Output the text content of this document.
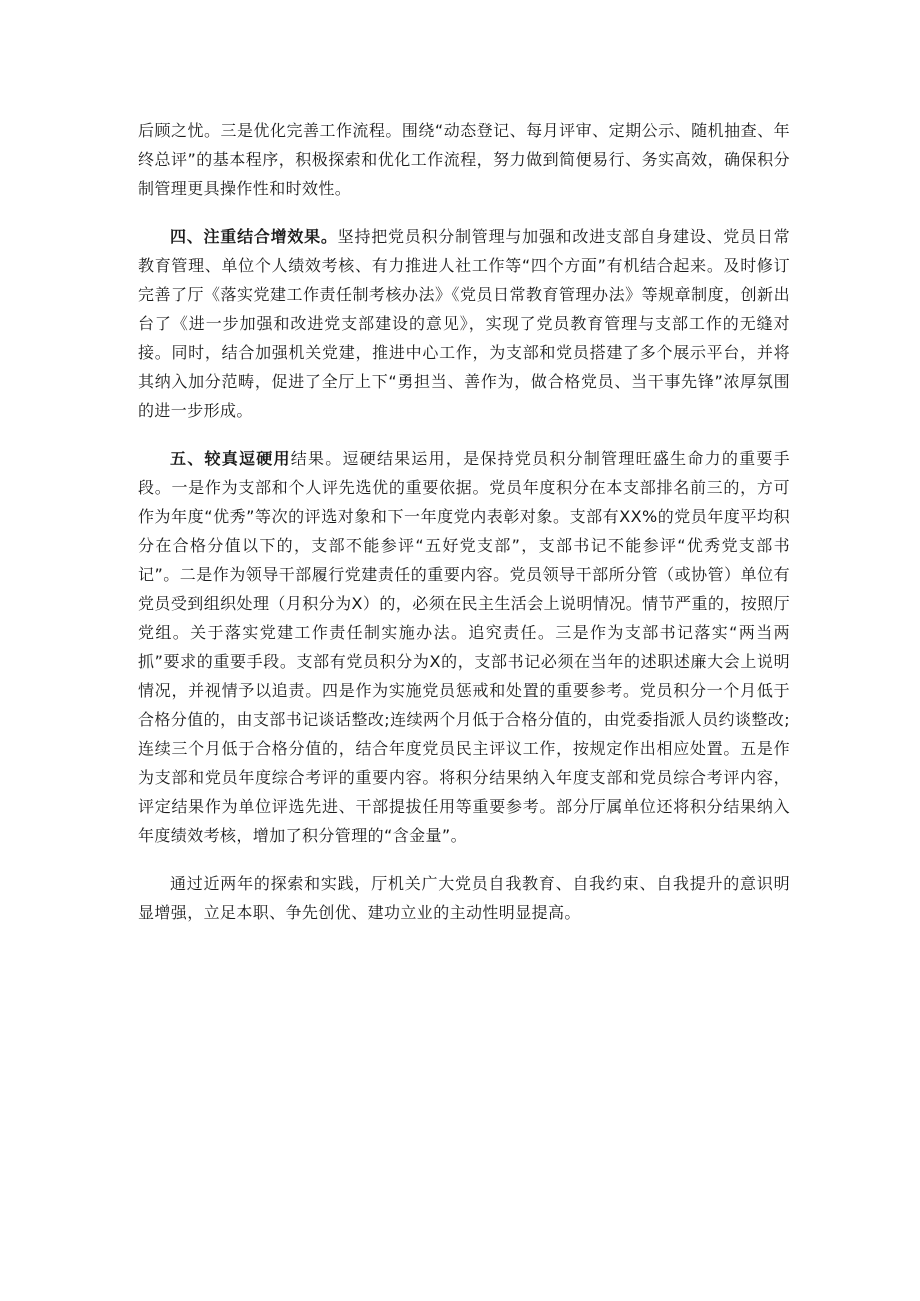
后顾之忧。三是优化完善工作流程。围绕“动态登记、每月评审、定期公示、随机抽查、年终总评”的基本程序，积极探索和优化工作流程，努力做到简便易行、务实高效，确保积分制管理更具操作性和时效性。

四、注重结合增效果。坚持把党员积分制管理与加强和改进支部自身建设、党员日常教育管理、单位个人绩效考核、有力推进人社工作等“四个方面”有机结合起来。及时修订完善了厅《落实党建工作责任制考核办法》《党员日常教育管理办法》等规章制度，创新出台了《进一步加强和改进党支部建设的意见》，实现了党员教育管理与支部工作的无缝对接。同时，结合加强机关党建，推进中心工作，为支部和党员搭建了多个展示平台，并将其纳入加分范畴，促进了全厅上下“勇担当、善作为，做合格党员、当干事先锋”浓厚氛围的进一步形成。

五、较真逗硬用结果。逗硬结果运用，是保持党员积分制管理旺盛生命力的重要手段。一是作为支部和个人评先选优的重要依据。党员年度积分在本支部排名前三的，方可作为年度“优秀”等次的评选对象和下一年度党内表彰对象。支部有XX%的党员年度平均积分在合格分值以下的，支部不能参评“五好党支部”，支部书记不能参评“优秀党支部书记”。二是作为领导干部履行党建责任的重要内容。党员领导干部所分管（或协管）单位有党员受到组织处理（月积分为X）的，必须在民主生活会上说明情况。情节严重的，按照厅党组。关于落实党建工作责任制实施办法。追究责任。三是作为支部书记落实“两当两抓”要求的重要手段。支部有党员积分为X的，支部书记必须在当年的述职述廉大会上说明情况，并视情予以追责。四是作为实施党员惩戒和处置的重要参考。党员积分一个月低于合格分值的，由支部书记谈话整改;连续两个月低于合格分值的，由党委指派人员约谈整改;连续三个月低于合格分值的，结合年度党员民主评议工作，按规定作出相应处置。五是作为支部和党员年度综合考评的重要内容。将积分结果纳入年度支部和党员综合考评内容，评定结果作为单位评选先进、干部提拔任用等重要参考。部分厅属单位还将积分结果纳入年度绩效考核，增加了积分管理的“含金量”。

通过近两年的探索和实践，厅机关广大党员自我教育、自我约束、自我提升的意识明显增强，立足本职、争先创优、建功立业的主动性明显提高。
